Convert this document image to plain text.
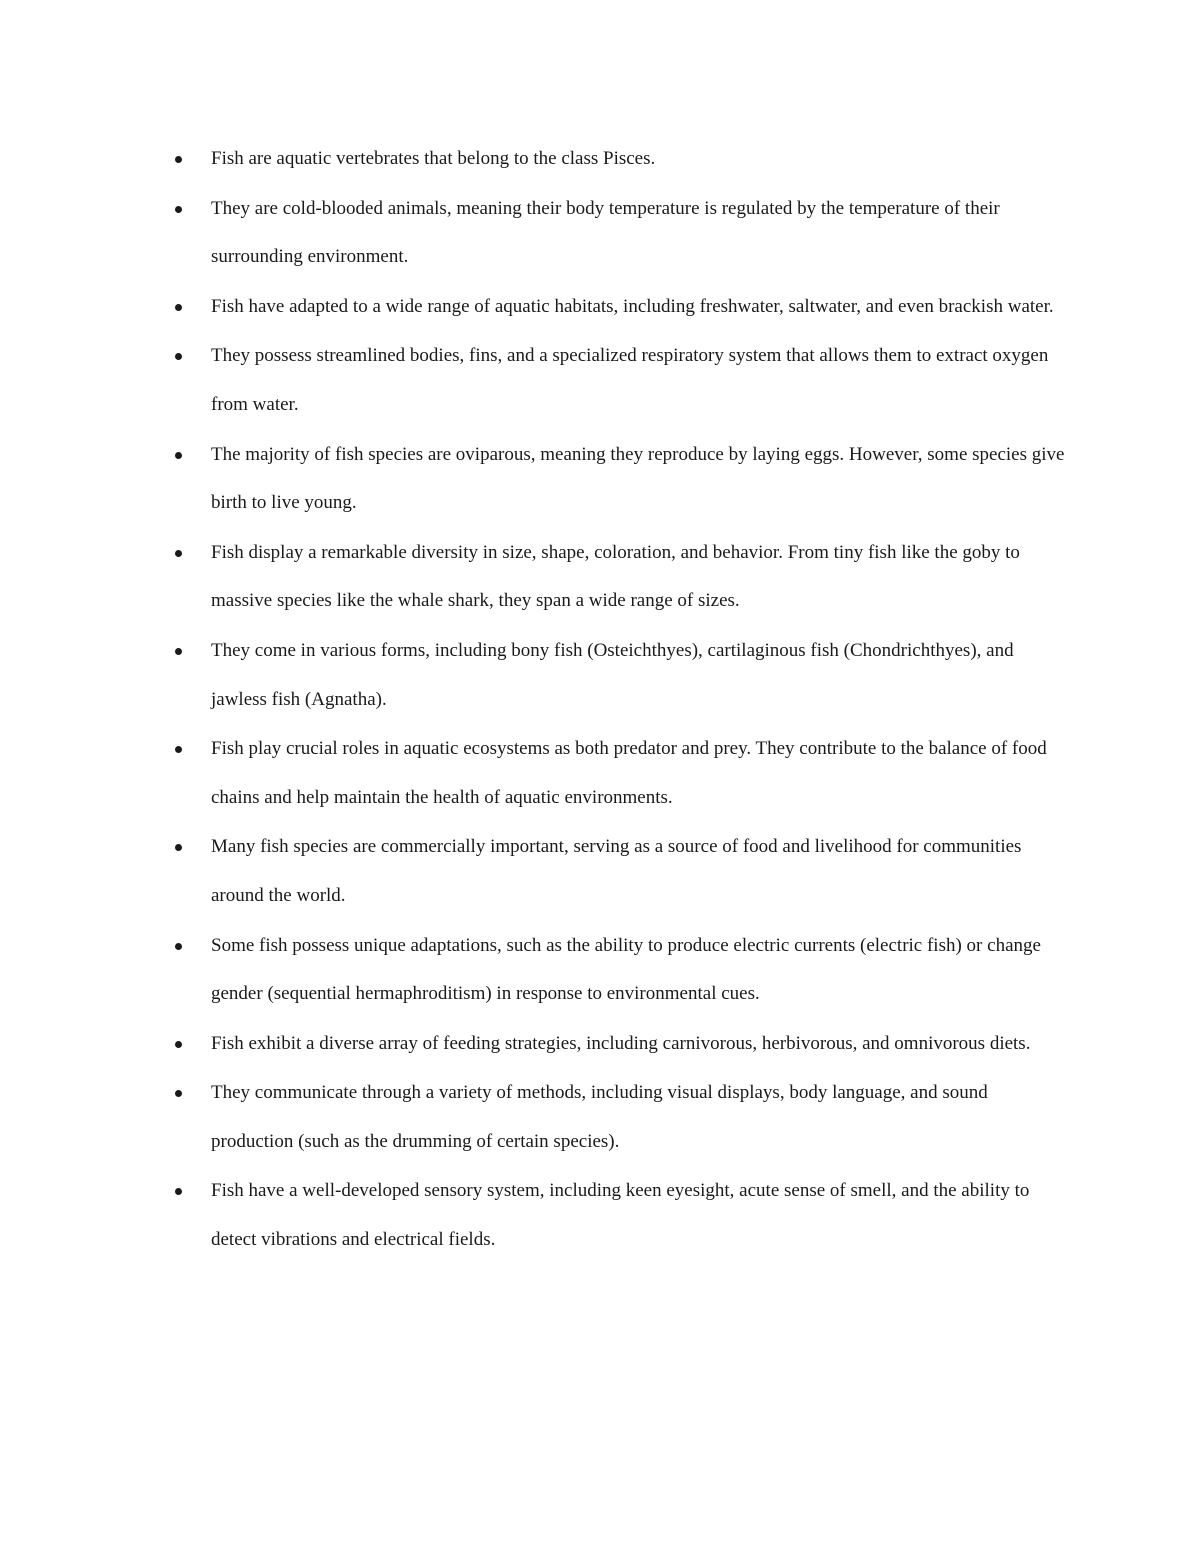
Fish are aquatic vertebrates that belong to the class Pisces.
They are cold-blooded animals, meaning their body temperature is regulated by the temperature of their surrounding environment.
Fish have adapted to a wide range of aquatic habitats, including freshwater, saltwater, and even brackish water.
They possess streamlined bodies, fins, and a specialized respiratory system that allows them to extract oxygen from water.
The majority of fish species are oviparous, meaning they reproduce by laying eggs. However, some species give birth to live young.
Fish display a remarkable diversity in size, shape, coloration, and behavior. From tiny fish like the goby to massive species like the whale shark, they span a wide range of sizes.
They come in various forms, including bony fish (Osteichthyes), cartilaginous fish (Chondrichthyes), and jawless fish (Agnatha).
Fish play crucial roles in aquatic ecosystems as both predator and prey. They contribute to the balance of food chains and help maintain the health of aquatic environments.
Many fish species are commercially important, serving as a source of food and livelihood for communities around the world.
Some fish possess unique adaptations, such as the ability to produce electric currents (electric fish) or change gender (sequential hermaphroditism) in response to environmental cues.
Fish exhibit a diverse array of feeding strategies, including carnivorous, herbivorous, and omnivorous diets.
They communicate through a variety of methods, including visual displays, body language, and sound production (such as the drumming of certain species).
Fish have a well-developed sensory system, including keen eyesight, acute sense of smell, and the ability to detect vibrations and electrical fields.
